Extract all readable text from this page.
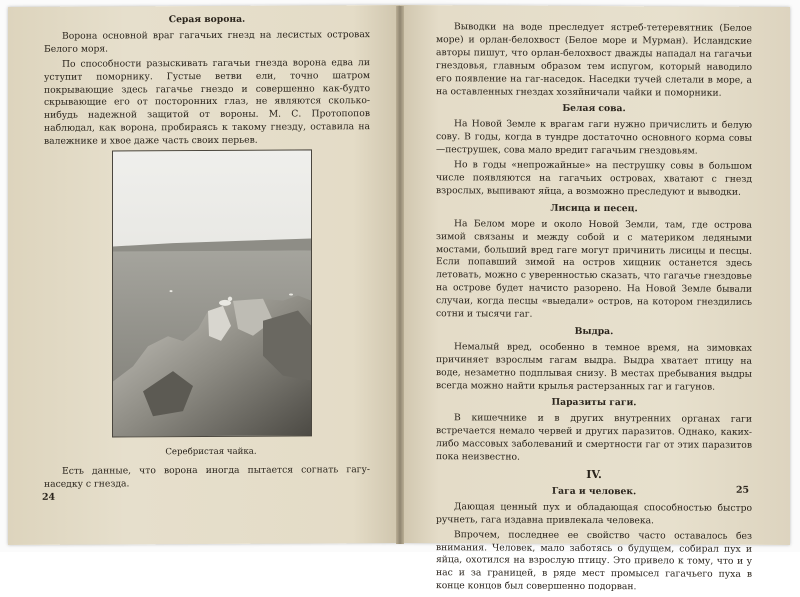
Серая ворона.

Ворона основной враг гагачьих гнезд на лесистых островах Белого моря.

По способности разыскивать гагачьи гнезда ворона едва ли уступит поморнику. Густые ветви ели, точно шатром покрывающие здесь гагачье гнездо и совершенно как-будто скрывающие его от посторонних глаз, не являются сколько-нибудь надежной защитой от вороны. М. С. Протопопов наблюдал, как ворона, пробираясь к такому гнезду, оставила на валежнике и хвое даже часть своих перьев.

Серебристая чайка.

Есть данные, что ворона иногда пытается согнать гагу-наседку с гнезда.

24

Выводки на воде преследует ястреб-тетеревятник (Белое море) и орлан-белохвост (Белое море и Мурман). Исландские авторы пишут, что орлан-белохвост дважды нападал на гагачьи гнездовья, главным образом тем испугом, который наводило его появление на гаг-наседок. Наседки тучей слетали в море, а на оставленных гнездах хозяйничали чайки и поморники.

Белая сова.

На Новой Земле к врагам гаги нужно причислить и белую сову. В годы, когда в тундре достаточно основного корма совы—пеструшек, сова мало вредит гагачьим гнездовьям.

Но в годы «непрожайные» на пеструшку совы в большом числе появляются на гагачьих островах, хватают с гнезд взрослых, выпивают яйца, а возможно преследуют и выводки.

Лисица и песец.

На Белом море и около Новой Земли, там, где острова зимой связаны и между собой и с материком ледяными мостами, больший вред гаге могут причинить лисицы и песцы. Если попавший зимой на остров хищник останется здесь летовать, можно с уверенностью сказать, что гагачье гнездовье на острове будет начисто разорено. На Новой Земле бывали случаи, когда песцы «выедали» остров, на котором гнездились сотни и тысячи гаг.

Выдра.

Немалый вред, особенно в темное время, на зимовках причиняет взрослым гагам выдра. Выдра хватает птицу на воде, незаметно подплывая снизу. В местах пребывания выдры всегда можно найти крылья растерзанных гаг и гагунов.

Паразиты гаги.

В кишечнике и в других внутренних органах гаги встречается немало червей и других паразитов. Однако, каких-либо массовых заболеваний и смертности гаг от этих паразитов пока неизвестно.

IV.
Гага и человек.

Дающая ценный пух и обладающая способностью быстро ручнеть, гага издавна привлекала человека.

Впрочем, последнее ее свойство часто оставалось без внимания. Человек, мало заботясь о будущем, собирал пух и яйца, охотился на взрослую птицу. Это привело к тому, что и у нас и за границей, в ряде мест промысел гагачьего пуха в конце концов был совершенно подорван.

25
